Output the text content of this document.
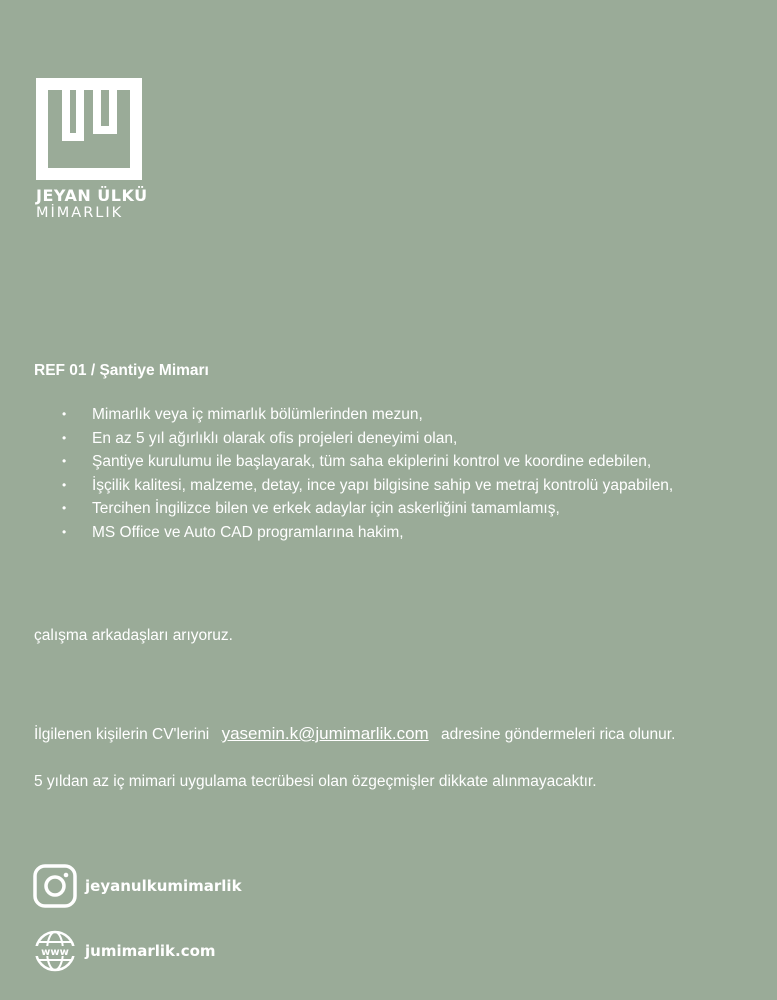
JEYAN ÜLKÜ
MİMARLIK
REF 01 / Şantiye Mimarı
• Mimarlık veya iç mimarlık bölümlerinden mezun,
• En az 5 yıl ağırlıklı olarak ofis projeleri deneyimi olan,
• Şantiye kurulumu ile başlayarak, tüm saha ekiplerini kontrol ve koordine edebilen,
• İşçilik kalitesi, malzeme, detay, ince yapı bilgisine sahip ve metraj kontrolü yapabilen,
• Tercihen İngilizce bilen ve erkek adaylar için askerliğini tamamlamış,
• MS Office ve Auto CAD programlarına hakim,
çalışma arkadaşları arıyoruz.
İlgilenen kişilerin CV'lerini yasemin.k@jumimarlik.com adresine göndermeleri rica olunur.
5 yıldan az iç mimari uygulama tecrübesi olan özgeçmişler dikkate alınmayacaktır.
jeyanulkumimarlik
www jumimarlik.com
